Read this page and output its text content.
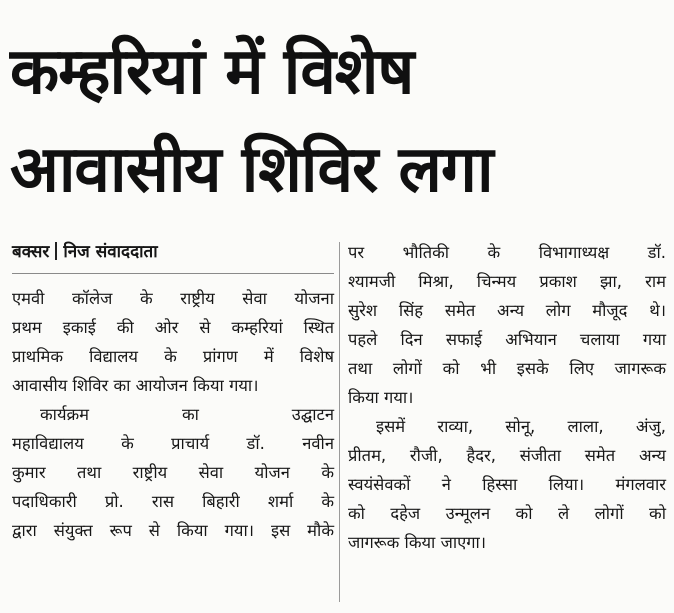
कम्हरियां में विशेष
आवासीय शिविर लगा
बक्सर निज संवाददाता
एमवी कॉलेज के राष्ट्रीय सेवा योजना
प्रथम इकाई की ओर से कम्हरियां स्थित
प्राथमिक विद्यालय के प्रांगण में विशेष
आवासीय शिविर का आयोजन किया गया।
कार्यक्रम का उद्घाटन
महाविद्यालय के प्राचार्य डॉ. नवीन
कुमार तथा राष्ट्रीय सेवा योजन के
पदाधिकारी प्रो. रास बिहारी शर्मा के
द्वारा संयुक्त रूप से किया गया। इस मौके
पर भौतिकी के विभागाध्यक्ष डॉ.
श्यामजी मिश्रा, चिन्मय प्रकाश झा, राम
सुरेश सिंह समेत अन्य लोग मौजूद थे।
पहले दिन सफाई अभियान चलाया गया
तथा लोगों को भी इसके लिए जागरूक
किया गया।
इसमें राव्या, सोनू, लाला, अंजु,
प्रीतम, रौजी, हैदर, संजीता समेत अन्य
स्वयंसेवकों ने हिस्सा लिया। मंगलवार
को दहेज उन्मूलन को ले लोगों को
जागरूक किया जाएगा।
